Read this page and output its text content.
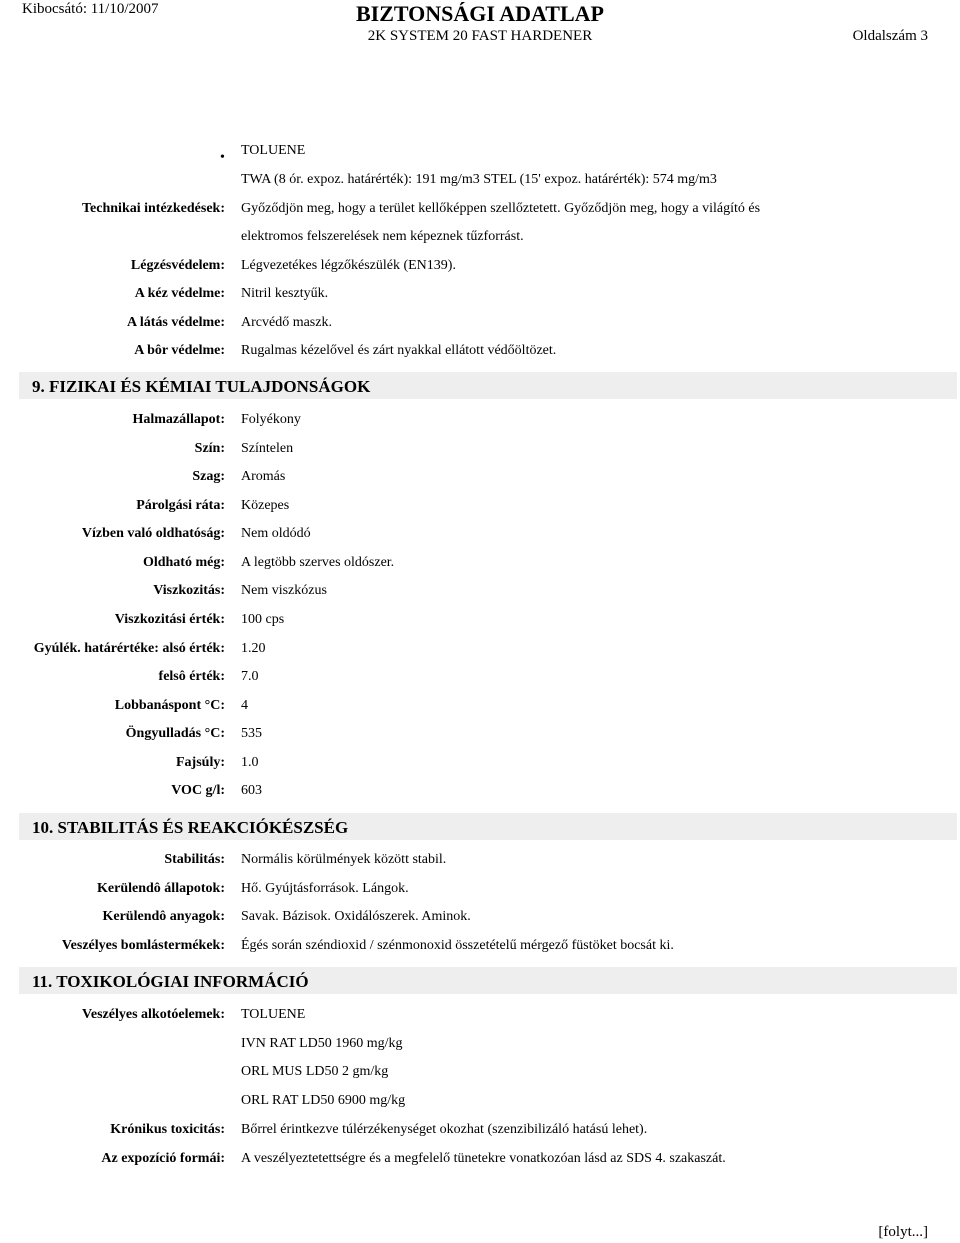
Kibocsátó: 11/10/2007	BIZTONSÁGI ADATLAP
2K SYSTEM 20 FAST HARDENER	Oldalszám 3
• TOLUENE
TWA (8 ór. expoz. határérték): 191 mg/m3 STEL (15' expoz. határérték): 574 mg/m3
Technikai intézkedések: Győződjön meg, hogy a terület kellőképpen szellőztetett. Győződjön meg, hogy a világító és
elektromos felszerelések nem képeznek tűzforrást.
Légzésvédelem: Légvezetékes légzőkészülék (EN139).
A kéz védelme: Nitril kesztyűk.
A látás védelme: Arcvédő maszk.
A bôr védelme: Rugalmas kézelővel és zárt nyakkal ellátott védőöltözet.
9. FIZIKAI ÉS KÉMIAI TULAJDONSÁGOK
Halmazállapot: Folyékony
Szín: Színtelen
Szag: Aromás
Párolgási ráta: Közepes
Vízben való oldhatóság: Nem oldódó
Oldható még: A legtöbb szerves oldószer.
Viszkozitás: Nem viszkózus
Viszkozitási érték: 100 cps
Gyúlék. határértéke: alsó érték: 1.20
felsô érték: 7.0
Lobbanáspont °C: 4
Öngyulladás °C: 535
Fajsúly: 1.0
VOC g/l: 603
10. STABILITÁS ÉS REAKCIÓKÉSZSÉG
Stabilitás: Normális körülmények között stabil.
Kerülendô állapotok: Hő. Gyújtásforrások. Lángok.
Kerülendô anyagok: Savak. Bázisok. Oxidálószerek. Aminok.
Veszélyes bomlástermékek: Égés során széndioxid / szénmonoxid összetételű mérgező füstöket bocsát ki.
11. TOXIKOLÓGIAI INFORMÁCIÓ
Veszélyes alkotóelemek: TOLUENE
IVN RAT LD50 1960 mg/kg
ORL MUS LD50 2 gm/kg
ORL RAT LD50 6900 mg/kg
Krónikus toxicitás: Bőrrel érintkezve túlérzékenységet okozhat (szenzibilizáló hatású lehet).
Az expozíció formái: A veszélyeztetettségre és a megfelelő tünetekre vonatkozóan lásd az SDS 4. szakaszát.
[folyt...]
